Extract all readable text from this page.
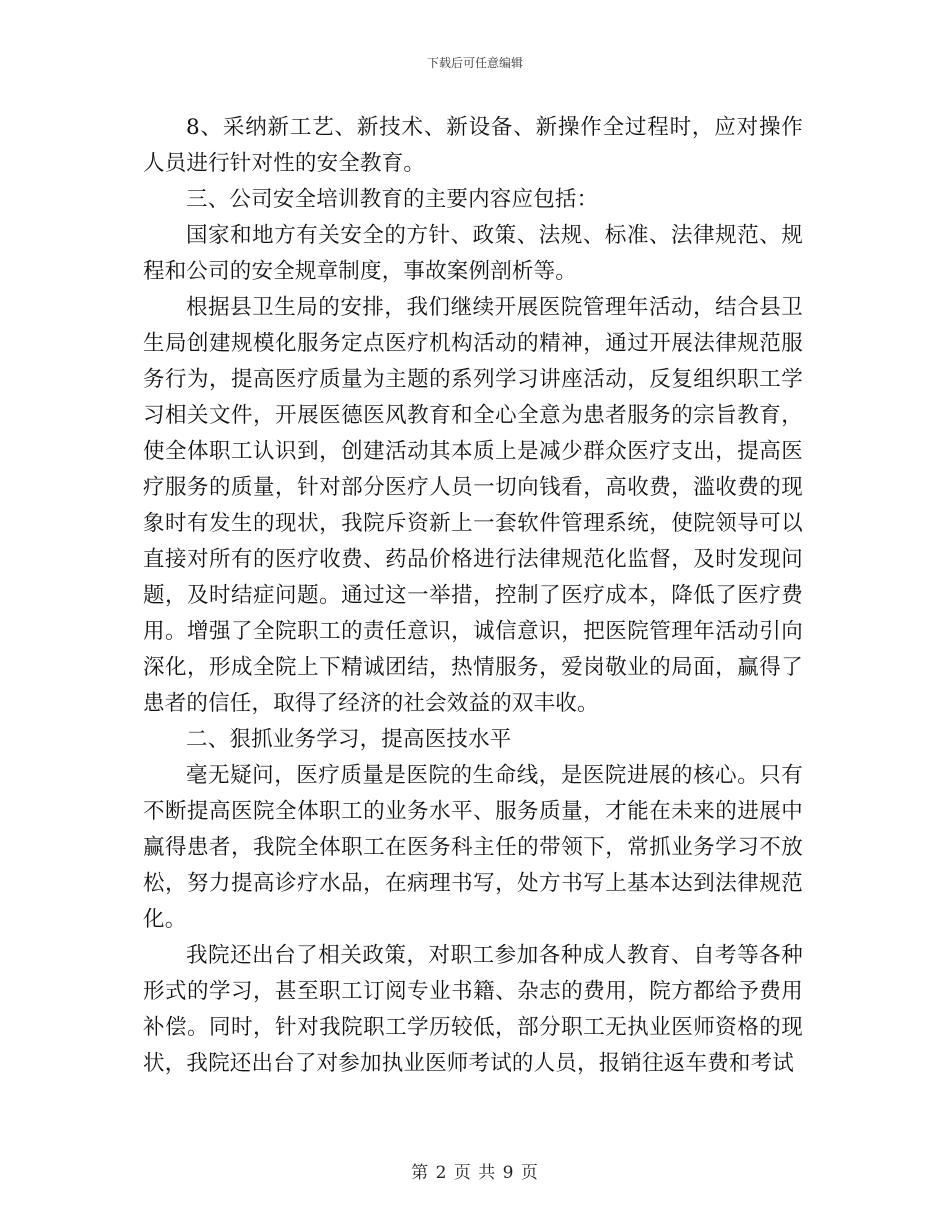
下载后可任意编辑

8、采纳新工艺、新技术、新设备、新操作全过程时，应对操作人员进行针对性的安全教育。

三、公司安全培训教育的主要内容应包括：

国家和地方有关安全的方针、政策、法规、标准、法律规范、规程和公司的安全规章制度，事故案例剖析等。

根据县卫生局的安排，我们继续开展医院管理年活动，结合县卫生局创建规模化服务定点医疗机构活动的精神，通过开展法律规范服务行为，提高医疗质量为主题的系列学习讲座活动，反复组织职工学习相关文件，开展医德医风教育和全心全意为患者服务的宗旨教育，使全体职工认识到，创建活动其本质上是减少群众医疗支出，提高医疗服务的质量，针对部分医疗人员一切向钱看，高收费，滥收费的现象时有发生的现状，我院斥资新上一套软件管理系统，使院领导可以直接对所有的医疗收费、药品价格进行法律规范化监督，及时发现问题，及时结症问题。通过这一举措，控制了医疗成本，降低了医疗费用。增强了全院职工的责任意识，诚信意识，把医院管理年活动引向深化，形成全院上下精诚团结，热情服务，爱岗敬业的局面，赢得了患者的信任，取得了经济的社会效益的双丰收。

二、狠抓业务学习，提高医技水平

毫无疑问，医疗质量是医院的生命线，是医院进展的核心。只有不断提高医院全体职工的业务水平、服务质量，才能在未来的进展中赢得患者，我院全体职工在医务科主任的带领下，常抓业务学习不放松，努力提高诊疗水品，在病理书写，处方书写上基本达到法律规范化。

我院还出台了相关政策，对职工参加各种成人教育、自考等各种形式的学习，甚至职工订阅专业书籍、杂志的费用，院方都给予费用补偿。同时，针对我院职工学历较低，部分职工无执业医师资格的现状，我院还出台了对参加执业医师考试的人员，报销往返车费和考试

第 2 页 共 9 页
